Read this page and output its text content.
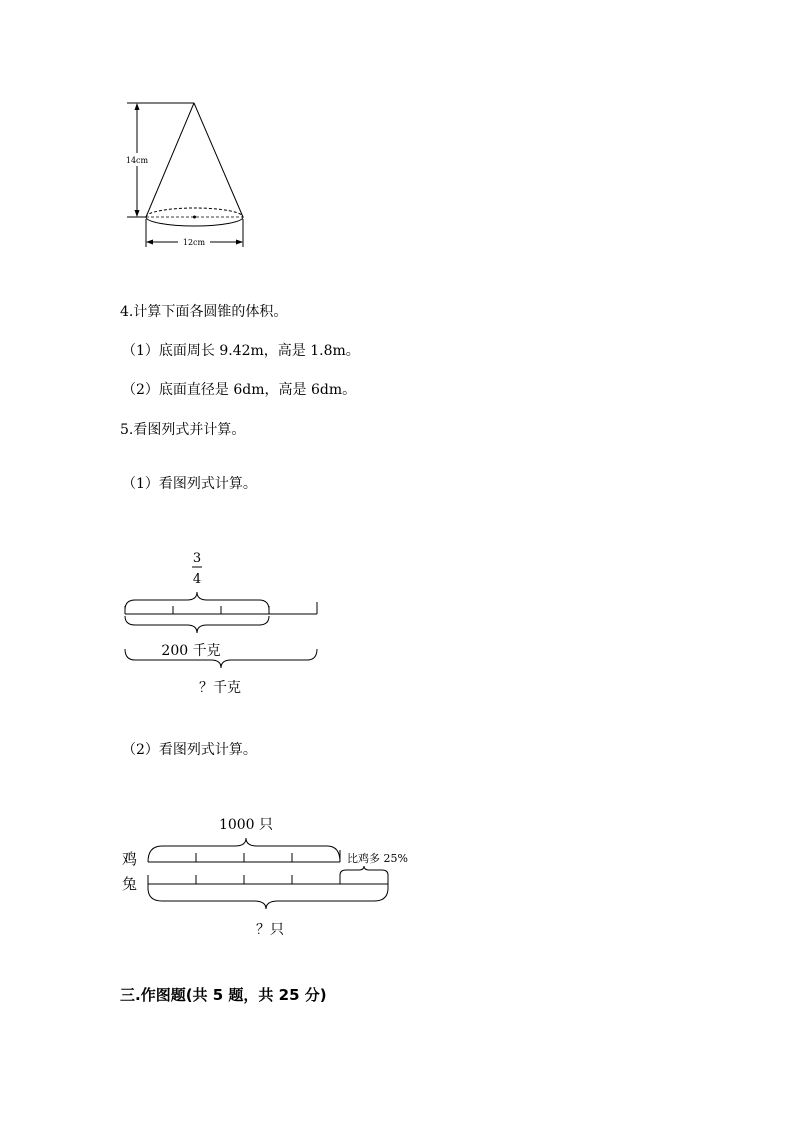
14cm
12cm
4.计算下面各圆锥的体积。
（1）底面周长 9.42m，高是 1.8m。
（2）底面直径是 6dm，高是 6dm。
5.看图列式并计算。
（1）看图列式计算。
3
4
200 千克
？千克
（2）看图列式计算。
1000 只
鸡	比鸡多 25%
兔
？只
三.作图题(共 5 题，共 25 分)
